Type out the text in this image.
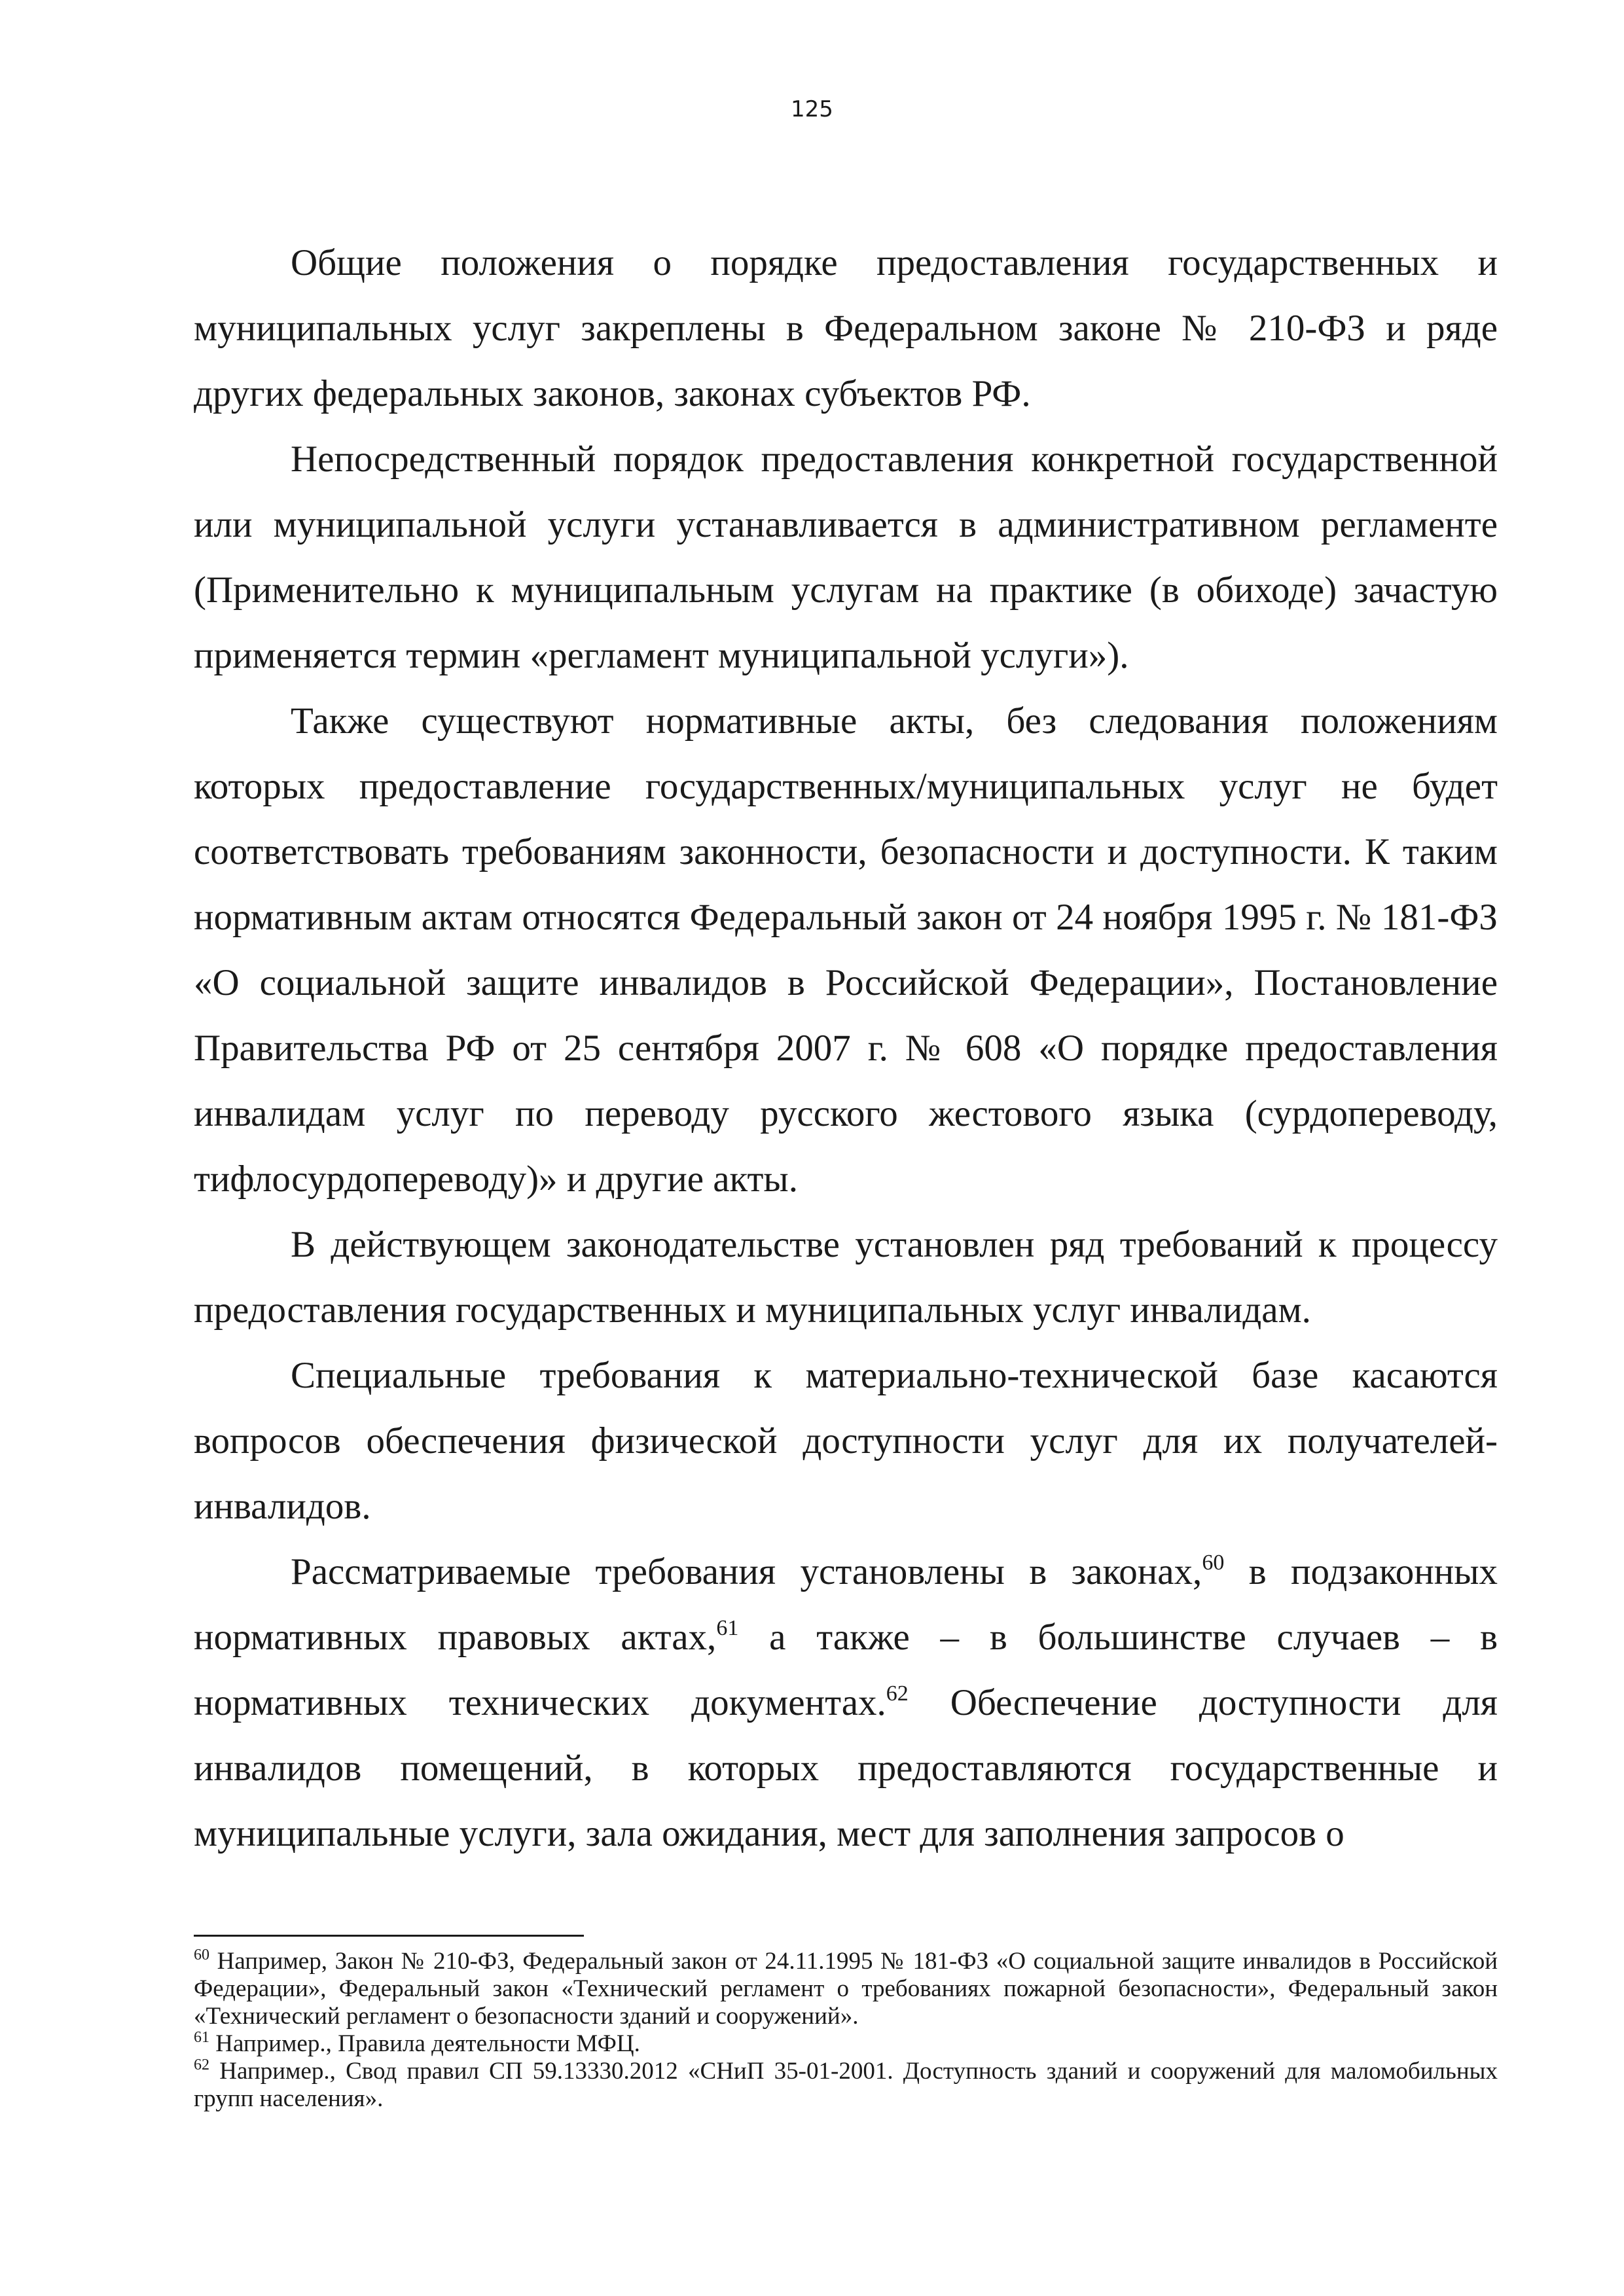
125

Общие положения о порядке предоставления государственных и муниципальных услуг закреплены в Федеральном законе № 210-ФЗ и ряде других федеральных законов, законах субъектов РФ.

Непосредственный порядок предоставления конкретной государственной или муниципальной услуги устанавливается в административном регламенте (Применительно к муниципальным услугам на практике (в обиходе) зачастую применяется термин «регламент муниципальной услуги»).

Также существуют нормативные акты, без следования положениям которых предоставление государственных/муниципальных услуг не будет соответствовать требованиям законности, безопасности и доступности. К таким нормативным актам относятся Федеральный закон от 24 ноября 1995 г. № 181-ФЗ «О социальной защите инвалидов в Российской Федерации», Постановление Правительства РФ от 25 сентября 2007 г. № 608 «О порядке предоставления инвалидам услуг по переводу русского жестового языка (сурдопереводу, тифлосурдопереводу)» и другие акты.

В действующем законодательстве установлен ряд требований к процессу предоставления государственных и муниципальных услуг инвалидам.

Специальные требования к материально-технической базе касаются вопросов обеспечения физической доступности услуг для их получателей-инвалидов.

Рассматриваемые требования установлены в законах,$^{60}$ в подзаконных нормативных правовых актах,$^{61}$ а также – в большинстве случаев – в нормативных технических документах.$^{62}$ Обеспечение доступности для инвалидов помещений, в которых предоставляются государственные и муниципальные услуги, зала ожидания, мест для заполнения запросов о

$^{60}$ Например, Закон № 210-ФЗ, Федеральный закон от 24.11.1995 № 181-ФЗ «О социальной защите инвалидов в Российской Федерации», Федеральный закон «Технический регламент о требованиях пожарной безопасности», Федеральный закон «Технический регламент о безопасности зданий и сооружений».

$^{61}$ Например., Правила деятельности МФЦ.

$^{62}$ Например., Свод правил СП 59.13330.2012 «СНиП 35-01-2001. Доступность зданий и сооружений для маломобильных групп населения».
